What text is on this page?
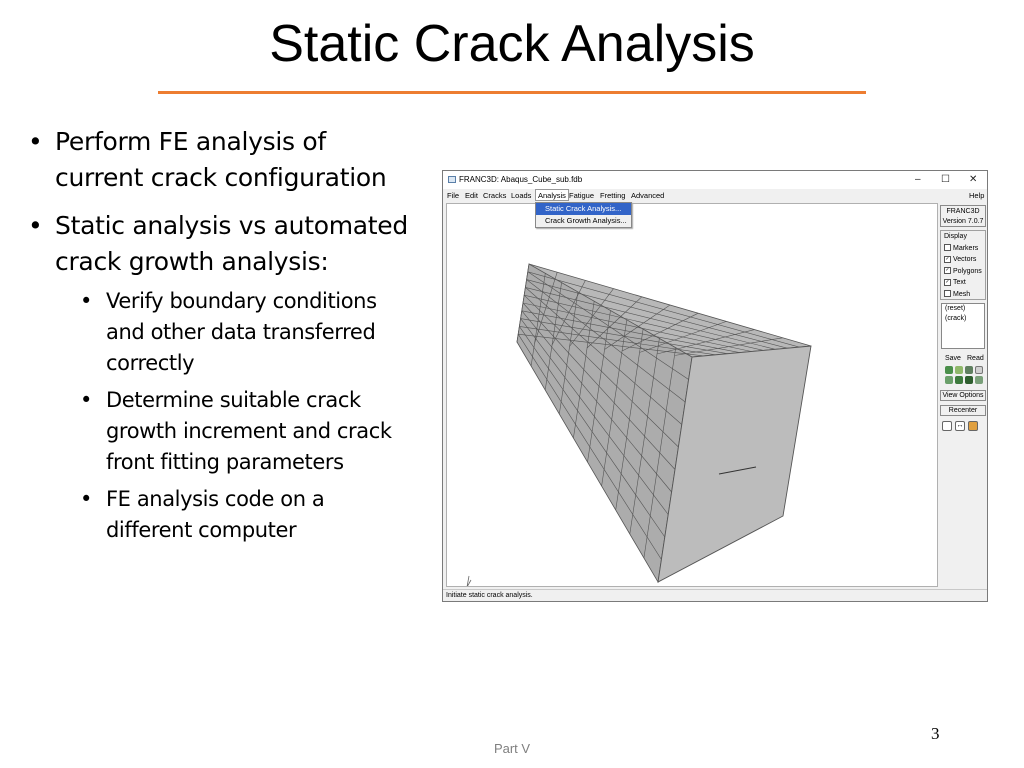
Static Crack Analysis
• Perform FE analysis of current crack configuration
• Static analysis vs automated crack growth analysis:
• Verify boundary conditions and other data transferred correctly
• Determine suitable crack growth increment and crack front fitting parameters
• FE analysis code on a different computer
FRANC3D: Abaqus_Cube_sub.fdb	– ☐ ✕
File Edit Cracks Loads Analysis Fatigue Fretting Advanced	Help
Static Crack Analysis...
Crack Growth Analysis...
FRANC3D
Version 7.0.7
Display
Markers
✓ Vectors
✓ Polygons
✓ Text
Mesh
(reset)
(crack)
Save Read
View Options
Recenter
↔
Initiate static crack analysis.
3
Part V
